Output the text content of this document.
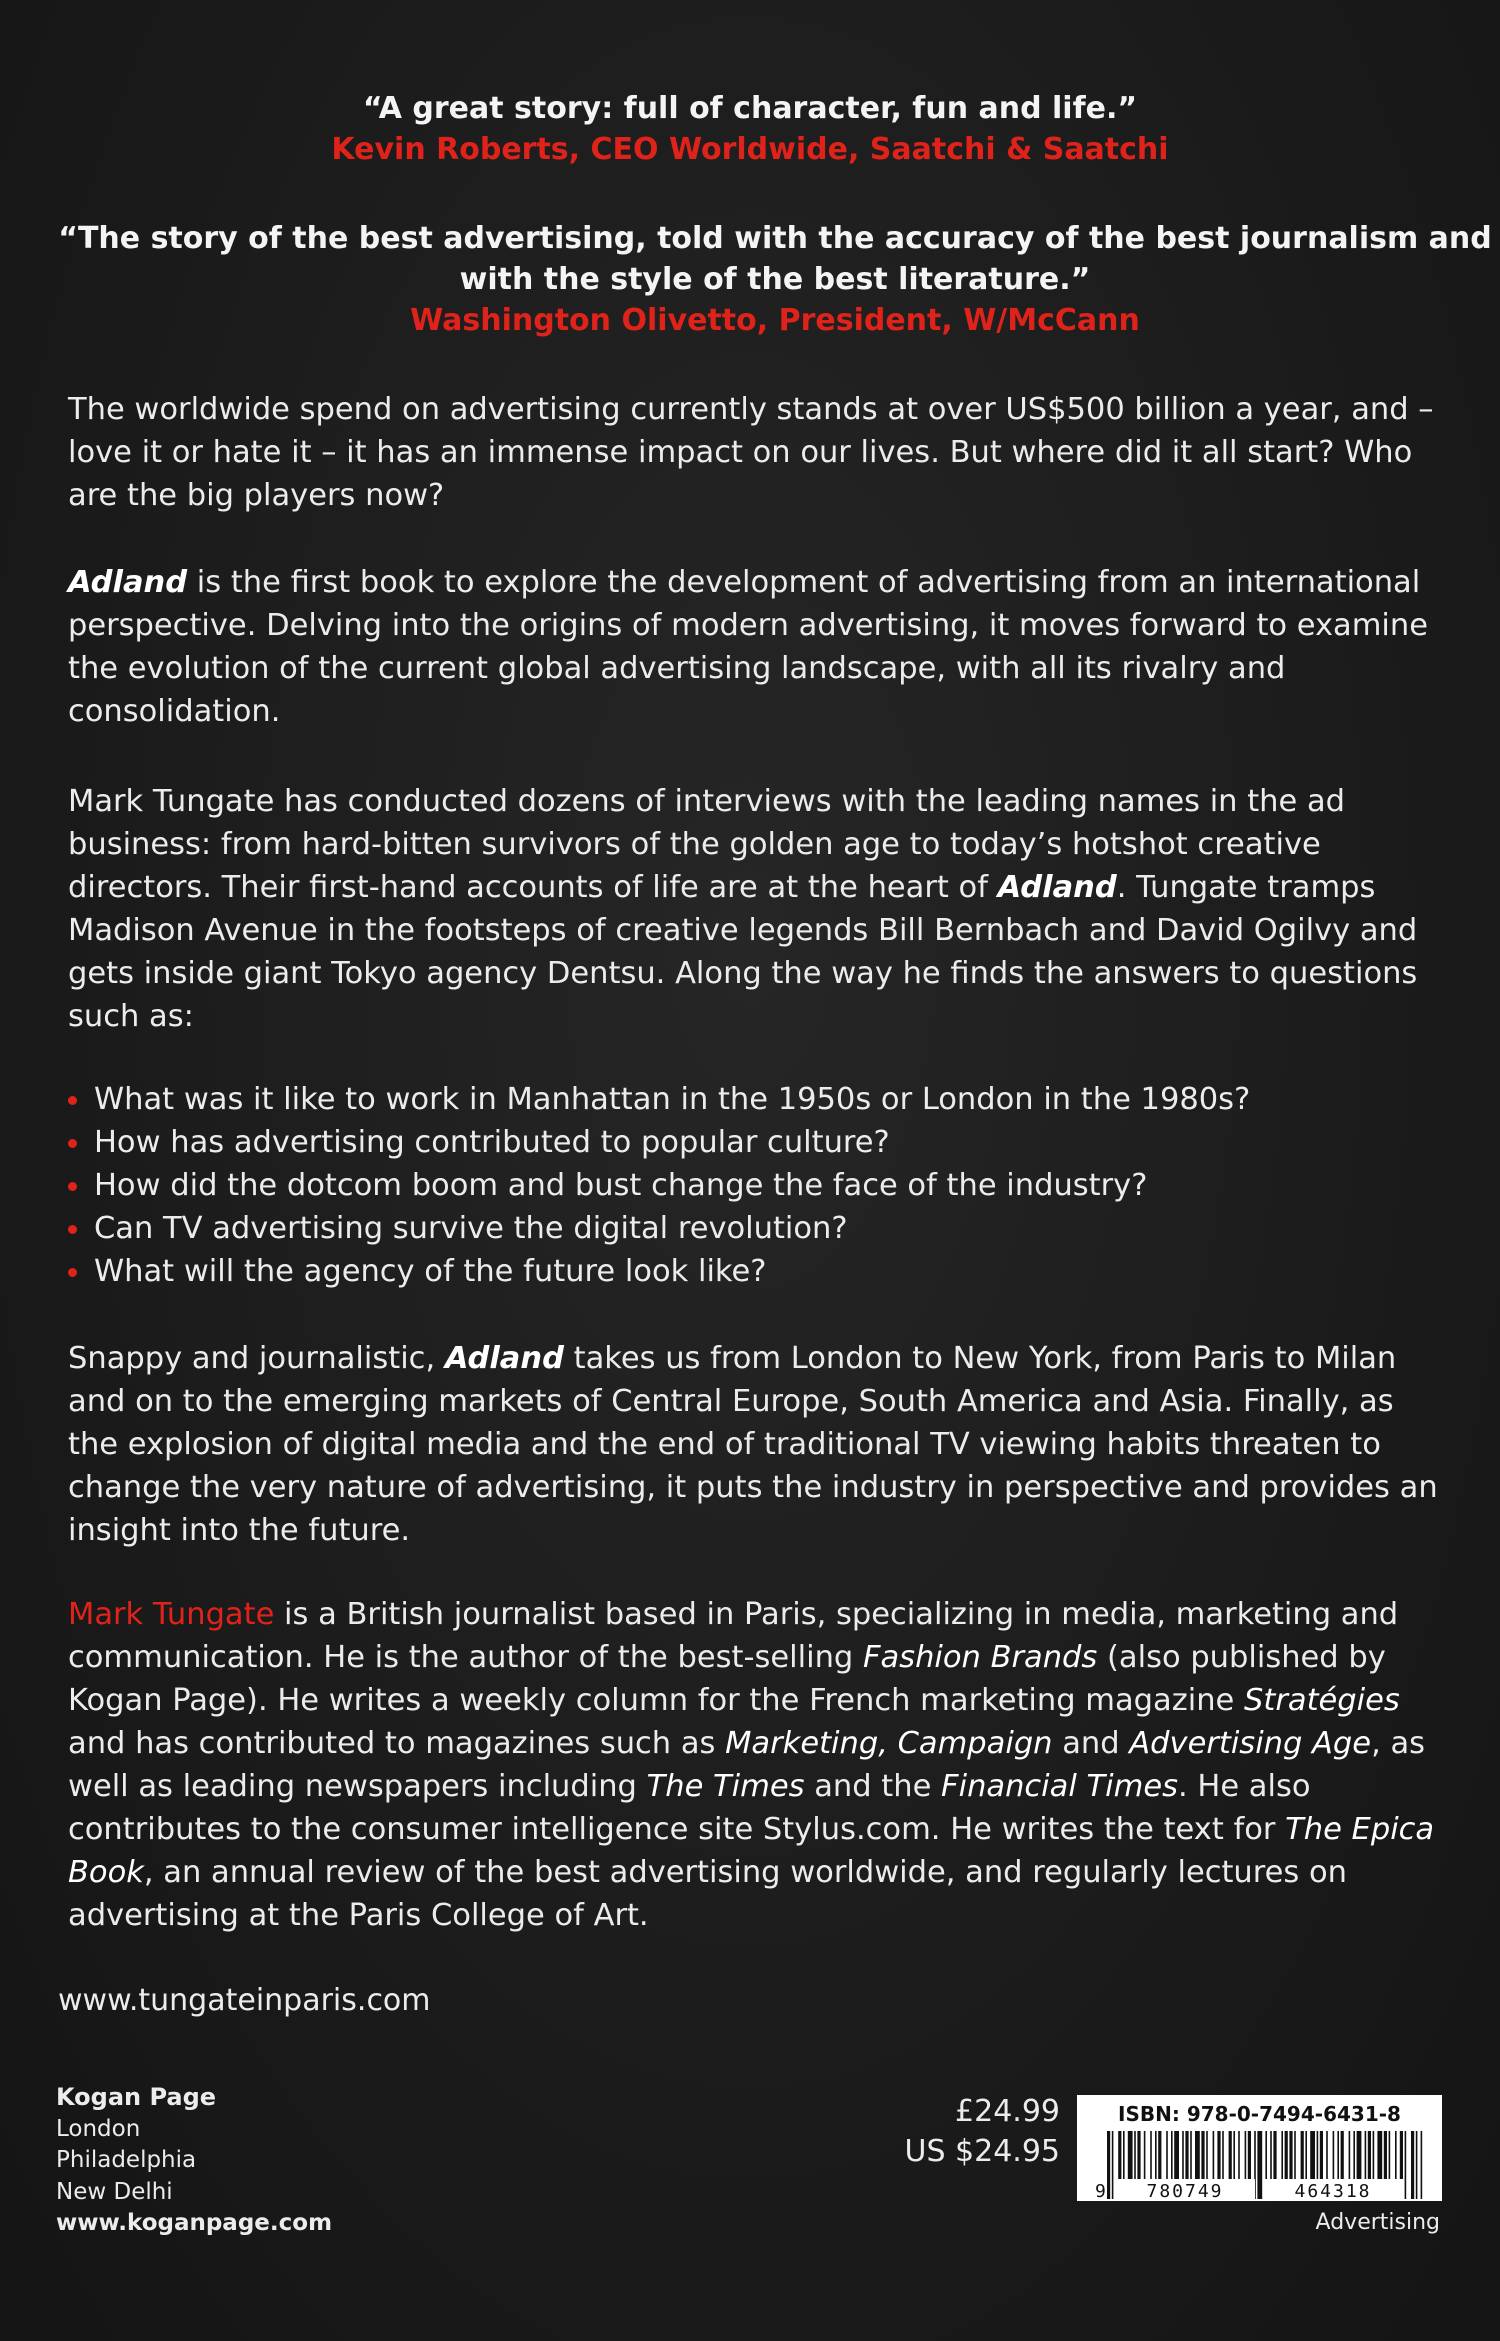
“A great story: full of character, fun and life.”
Kevin Roberts, CEO Worldwide, Saatchi & Saatchi
“The story of the best advertising, told with the accuracy of the best journalism and
with the style of the best literature.”
Washington Olivetto, President, W/McCann
The worldwide spend on advertising currently stands at over US$500 billion a year, and – love it or hate it – it has an immense impact on our lives. But where did it all start? Who are the big players now?
Adland is the first book to explore the development of advertising from an international perspective. Delving into the origins of modern advertising, it moves forward to examine the evolution of the current global advertising landscape, with all its rivalry and consolidation.
Mark Tungate has conducted dozens of interviews with the leading names in the ad business: from hard-bitten survivors of the golden age to today’s hotshot creative directors. Their first-hand accounts of life are at the heart of Adland. Tungate tramps Madison Avenue in the footsteps of creative legends Bill Bernbach and David Ogilvy and gets inside giant Tokyo agency Dentsu. Along the way he finds the answers to questions such as:
What was it like to work in Manhattan in the 1950s or London in the 1980s?
How has advertising contributed to popular culture?
How did the dotcom boom and bust change the face of the industry?
Can TV advertising survive the digital revolution?
What will the agency of the future look like?
Snappy and journalistic, Adland takes us from London to New York, from Paris to Milan and on to the emerging markets of Central Europe, South America and Asia. Finally, as the explosion of digital media and the end of traditional TV viewing habits threaten to change the very nature of advertising, it puts the industry in perspective and provides an insight into the future.
Mark Tungate is a British journalist based in Paris, specializing in media, marketing and communication. He is the author of the best-selling Fashion Brands (also published by Kogan Page). He writes a weekly column for the French marketing magazine Stratégies and has contributed to magazines such as Marketing, Campaign and Advertising Age, as well as leading newspapers including The Times and the Financial Times. He also contributes to the consumer intelligence site Stylus.com. He writes the text for The Epica Book, an annual review of the best advertising worldwide, and regularly lectures on advertising at the Paris College of Art.
www.tungateinparis.com
Kogan Page
London
Philadelphia
New Delhi
www.koganpage.com
£24.99
US $24.95
ISBN: 978-0-7494-6431-8
9 780749	464318
Advertising
